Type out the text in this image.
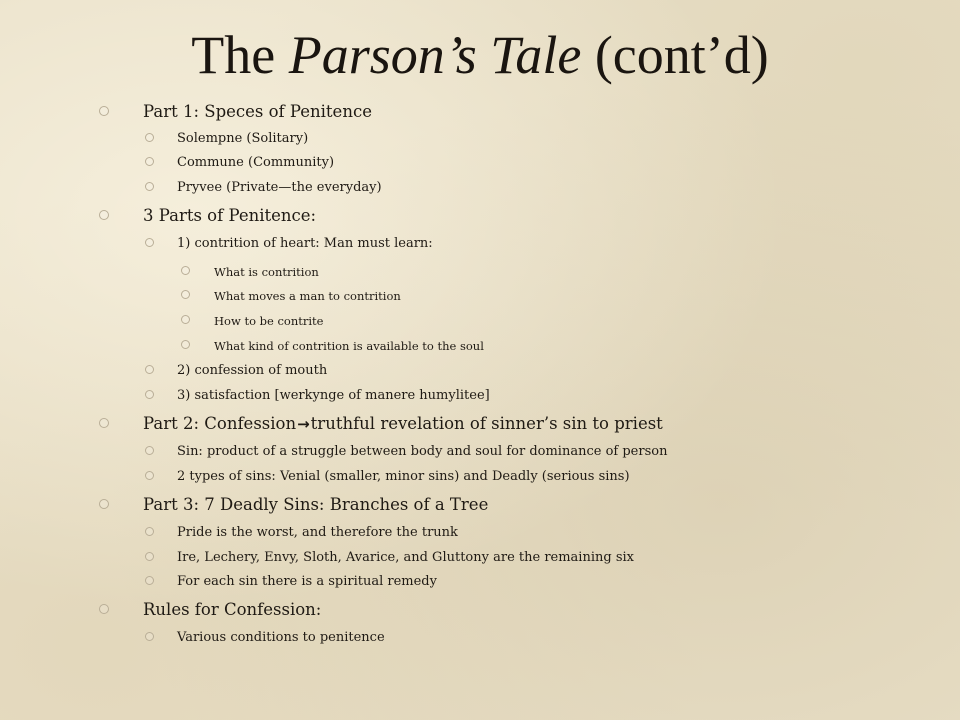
The Parson’s Tale (cont’d)
Part 1: Speces of Penitence
Solempne (Solitary)
Commune (Community)
Pryvee (Private—the everyday)
3 Parts of Penitence:
1) contrition of heart: Man must learn:
What is contrition
What moves a man to contrition
How to be contrite
What kind of contrition is available to the soul
2) confession of mouth
3) satisfaction [werkynge of manere humylitee]
Part 2: Confession→truthful revelation of sinner’s sin to priest
Sin: product of a struggle between body and soul for dominance of person
2 types of sins: Venial (smaller, minor sins) and Deadly (serious sins)
Part 3: 7 Deadly Sins: Branches of a Tree
Pride is the worst, and therefore the trunk
Ire, Lechery, Envy, Sloth, Avarice, and Gluttony are the remaining six
For each sin there is a spiritual remedy
Rules for Confession:
Various conditions to penitence
